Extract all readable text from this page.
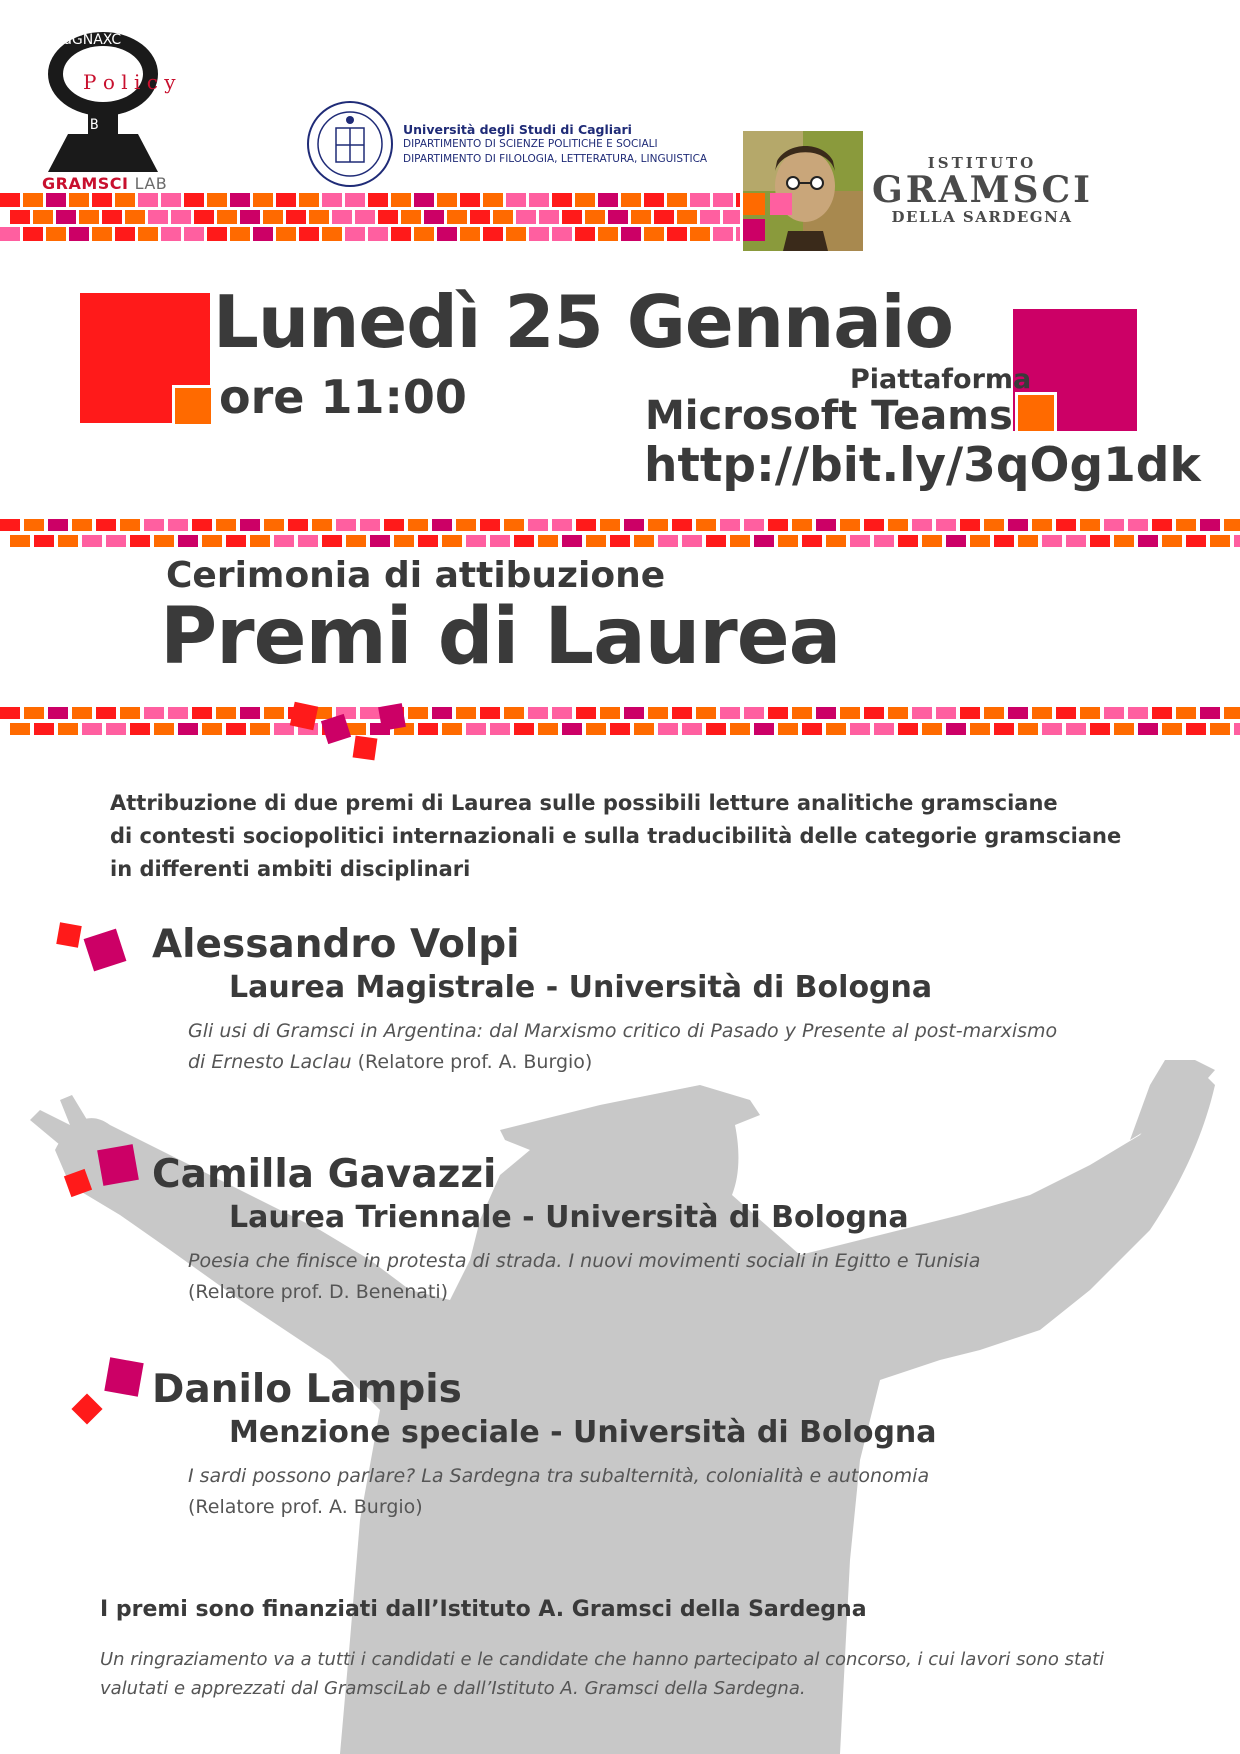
dGNAXC
P o l i c y
B
GRAMSCI LAB
Università degli Studi di Cagliari
DIPARTIMENTO DI SCIENZE POLITICHE E SOCIALI
DIPARTIMENTO DI FILOLOGIA, LETTERATURA, LINGUISTICA	ISTITUTO
GRAMSCI
DELLA SARDEGNA
Lunedì 25 Gennaio
ore 11:00	Piattaforma
Microsoft Teams
http://bit.ly/3qOg1dk
Cerimonia di attibuzione
Premi di Laurea
Attribuzione di due premi di Laurea sulle possibili letture analitiche gramsciane
di contesti sociopolitici internazionali e sulla traducibilità delle categorie gramsciane
in differenti ambiti disciplinari
Alessandro Volpi
Laurea Magistrale - Università di Bologna
Gli usi di Gramsci in Argentina: dal Marxismo critico di Pasado y Presente al post-marxismo
di Ernesto Laclau (Relatore prof. A. Burgio)
Camilla Gavazzi
Laurea Triennale - Università di Bologna
Poesia che finisce in protesta di strada. I nuovi movimenti sociali in Egitto e Tunisia
(Relatore prof. D. Benenati)
Danilo Lampis
Menzione speciale - Università di Bologna
I sardi possono parlare? La Sardegna tra subalternità, colonialità e autonomia
(Relatore prof. A. Burgio)
I premi sono finanziati dall’Istituto A. Gramsci della Sardegna
Un ringraziamento va a tutti i candidati e le candidate che hanno partecipato al concorso, i cui lavori sono stati
valutati e apprezzati dal GramsciLab e dall’Istituto A. Gramsci della Sardegna.
